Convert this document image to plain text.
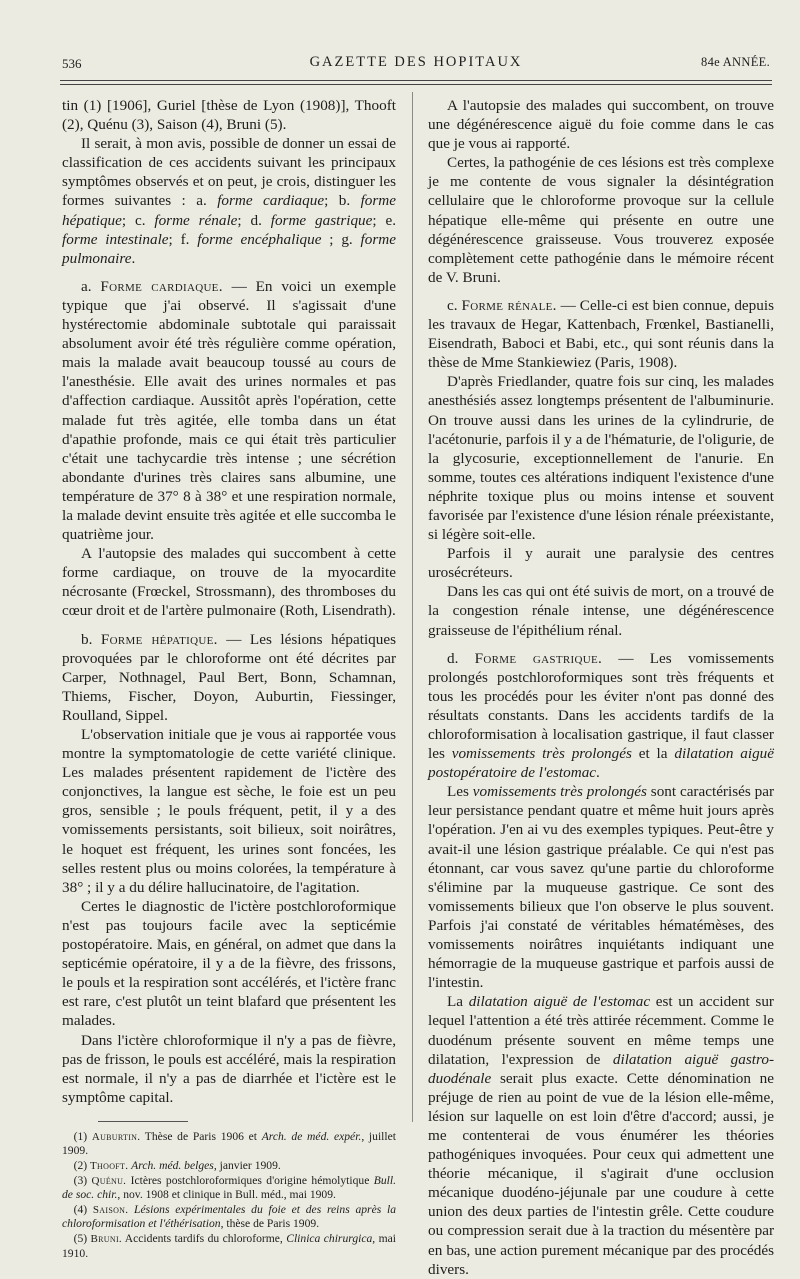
536	GAZETTE DES HOPITAUX	84e ANNÉE.

tin (1) [1906], Guriel [thèse de Lyon (1908)], Thooft (2), Quénu (3), Saison (4), Bruni (5).

Il serait, à mon avis, possible de donner un essai de classification de ces accidents suivant les principaux symptômes observés et on peut, je crois, distinguer les formes suivantes : a. forme cardiaque; b. forme hépatique; c. forme rénale; d. forme gastrique; e. forme intestinale; f. forme encéphalique ; g. forme pulmonaire.

a. Forme cardiaque. — En voici un exemple typique que j'ai observé. Il s'agissait d'une hystérectomie abdominale subtotale qui paraissait absolument avoir été très régulière comme opération, mais la malade avait beaucoup toussé au cours de l'anesthésie. Elle avait des urines normales et pas d'affection cardiaque. Aussitôt après l'opération, cette malade fut très agitée, elle tomba dans un état d'apathie profonde, mais ce qui était très particulier c'était une tachycardie très intense ; une sécrétion abondante d'urines très claires sans albumine, une température de 37° 8 à 38° et une respiration normale, la malade devint ensuite très agitée et elle succomba le quatrième jour.

A l'autopsie des malades qui succombent à cette forme cardiaque, on trouve de la myocardite nécrosante (Frœckel, Strossmann), des thromboses du cœur droit et de l'artère pulmonaire (Roth, Lisendrath).

b. Forme hépatique. — Les lésions hépatiques provoquées par le chloroforme ont été décrites par Carper, Nothnagel, Paul Bert, Bonn, Schamnan, Thiems, Fischer, Doyon, Auburtin, Fiessinger, Roulland, Sippel.

L'observation initiale que je vous ai rapportée vous montre la symptomatologie de cette variété clinique. Les malades présentent rapidement de l'ictère des conjonctives, la langue est sèche, le foie est un peu gros, sensible ; le pouls fréquent, petit, il y a des vomissements persistants, soit bilieux, soit noirâtres, le hoquet est fréquent, les urines sont foncées, les selles restent plus ou moins colorées, la température à 38° ; il y a du délire hallucinatoire, de l'agitation.

Certes le diagnostic de l'ictère postchloroformique n'est pas toujours facile avec la septicémie postopératoire. Mais, en général, on admet que dans la septicémie opératoire, il y a de la fièvre, des frissons, le pouls et la respiration sont accélérés, et l'ictère franc est rare, c'est plutôt un teint blafard que présentent les malades.

Dans l'ictère chloroformique il n'y a pas de fièvre, pas de frisson, le pouls est accéléré, mais la respiration est normale, il n'y a pas de diarrhée et l'ictère est le symptôme capital.

(1) Auburtin. Thèse de Paris 1906 et Arch. de méd. expér., juillet 1909.

(2) Thooft. Arch. méd. belges, janvier 1909.

(3) Quénu. Ictères postchloroformiques d'origine hémolytique Bull. de soc. chir., nov. 1908 et clinique in Bull. méd., mai 1909.

(4) Saison. Lésions expérimentales du foie et des reins après la chloroformisation et l'éthérisation, thèse de Paris 1909.

(5) Bruni. Accidents tardifs du chloroforme, Clinica chirurgica, mai 1910.

A l'autopsie des malades qui succombent, on trouve une dégénérescence aiguë du foie comme dans le cas que je vous ai rapporté.

Certes, la pathogénie de ces lésions est très complexe je me contente de vous signaler la désintégration cellulaire que le chloroforme provoque sur la cellule hépatique elle-même qui présente en outre une dégénérescence graisseuse. Vous trouverez exposée complètement cette pathogénie dans le mémoire récent de V. Bruni.

c. Forme rénale. — Celle-ci est bien connue, depuis les travaux de Hegar, Kattenbach, Frœnkel, Bastianelli, Eisendrath, Baboci et Babi, etc., qui sont réunis dans la thèse de Mme Stankiewiez (Paris, 1908).

D'après Friedlander, quatre fois sur cinq, les malades anesthésiés assez longtemps présentent de l'albuminurie. On trouve aussi dans les urines de la cylindrurie, de l'acétonurie, parfois il y a de l'hématurie, de l'oligurie, de la glycosurie, exceptionnellement de l'anurie. En somme, toutes ces altérations indiquent l'existence d'une néphrite toxique plus ou moins intense et souvent favorisée par l'existence d'une lésion rénale préexistante, si légère soit-elle.

Parfois il y aurait une paralysie des centres urosécréteurs.

Dans les cas qui ont été suivis de mort, on a trouvé de la congestion rénale intense, une dégénérescence graisseuse de l'épithélium rénal.

d. Forme gastrique. — Les vomissements prolongés postchloroformiques sont très fréquents et tous les procédés pour les éviter n'ont pas donné des résultats constants. Dans les accidents tardifs de la chloroformisation à localisation gastrique, il faut classer les vomissements très prolongés et la dilatation aiguë postopératoire de l'estomac.

Les vomissements très prolongés sont caractérisés par leur persistance pendant quatre et même huit jours après l'opération. J'en ai vu des exemples typiques. Peut-être y avait-il une lésion gastrique préalable. Ce qui n'est pas étonnant, car vous savez qu'une partie du chloroforme s'élimine par la muqueuse gastrique. Ce sont des vomissements bilieux que l'on observe le plus souvent. Parfois j'ai constaté de véritables hématémèses, des vomissements noirâtres inquiétants indiquant une hémorragie de la muqueuse gastrique et parfois aussi de l'intestin.

La dilatation aiguë de l'estomac est un accident sur lequel l'attention a été très attirée récemment. Comme le duodénum présente souvent en même temps une dilatation, l'expression de dilatation aiguë gastro-duodénale serait plus exacte. Cette dénomination ne préjuge de rien au point de vue de la lésion elle-même, lésion sur laquelle on est loin d'être d'accord; aussi, je me contenterai de vous énumérer les théories pathogéniques invoquées. Pour ceux qui admettent une théorie mécanique, il s'agirait d'une occlusion mécanique duodéno-jéjunale par une coudure à cette union des deux parties de l'intestin grêle. Cette coudure ou compression serait due à la traction du mésentère par en bas, une action purement mécanique par des procédés divers.
